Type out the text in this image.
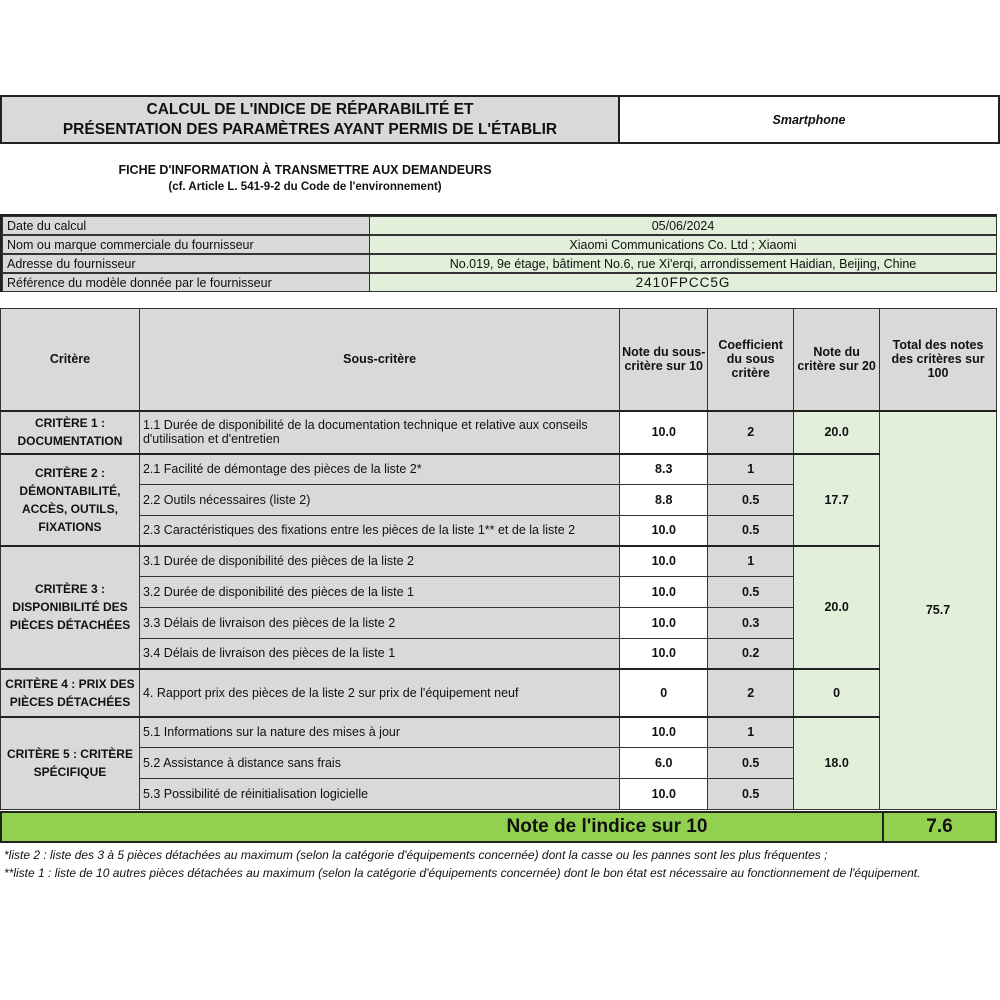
CALCUL DE L'INDICE DE RÉPARABILITÉ ET
PRÉSENTATION DES PARAMÈTRES AYANT PERMIS DE L'ÉTABLIR
Smartphone
FICHE D'INFORMATION À TRANSMETTRE AUX DEMANDEURS
(cf. Article L. 541-9-2 du Code de l'environnement)
Date du calcul	05/06/2024
Nom ou marque commerciale du fournisseur	Xiaomi Communications Co. Ltd ; Xiaomi
Adresse du fournisseur	No.019, 9e étage, bâtiment No.6, rue Xi'erqi, arrondissement Haidian, Beijing, Chine
Référence du modèle donnée par le fournisseur	2410FPCC5G
Critère	Sous-critère	Note du sous-critère sur 10	Coefficient du sous critère	Note du critère sur 20	Total des notes des critères sur 100
CRITÈRE 1 : DOCUMENTATION	1.1 Durée de disponibilité de la documentation technique et relative aux conseils d'utilisation et d'entretien	10.0	2	20.0	75.7
CRITÈRE 2 : DÉMONTABILITÉ, ACCÈS, OUTILS, FIXATIONS	2.1 Facilité de démontage des pièces de la liste 2*	8.3	1	17.7	
	2.2 Outils nécessaires (liste 2)	8.8	0.5		
	2.3 Caractéristiques des fixations entre les pièces de la liste 1** et de la liste 2	10.0	0.5		
CRITÈRE 3 : DISPONIBILITÉ DES PIÈCES DÉTACHÉES	3.1 Durée de disponibilité des pièces de la liste 2	10.0	1	20.0	
	3.2 Durée de disponibilité des pièces de la liste 1	10.0	0.5		
	3.3 Délais de livraison des pièces de la liste 2	10.0	0.3		
	3.4 Délais de livraison des pièces de la liste 1	10.0	0.2		
CRITÈRE 4 : PRIX DES PIÈCES DÉTACHÉES	4. Rapport prix des pièces de la liste 2 sur prix de l'équipement neuf	0	2	0	
CRITÈRE 5 : CRITÈRE SPÉCIFIQUE	5.1 Informations sur la nature des mises à jour	10.0	1	18.0	
	5.2 Assistance à distance sans frais	6.0	0.5		
	5.3 Possibilité de réinitialisation logicielle	10.0	0.5		
Note de l'indice sur 10	7.6
*liste 2 : liste des 3 à 5 pièces détachées au maximum (selon la catégorie d'équipements concernée) dont la casse ou les pannes sont les plus fréquentes ;
**liste 1 : liste de 10 autres pièces détachées au maximum (selon la catégorie d'équipements concernée) dont le bon état est nécessaire au fonctionnement de l'équipement.
